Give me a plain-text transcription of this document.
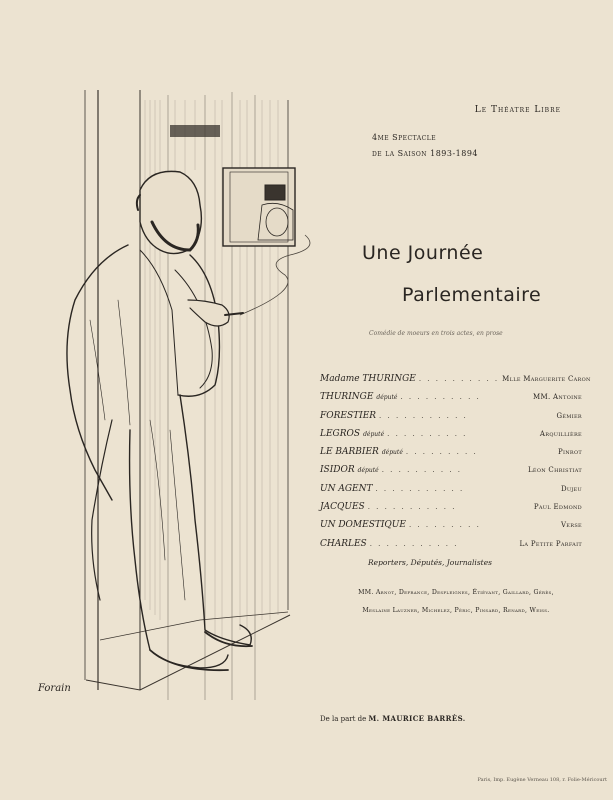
Le Théatre Libre
4me Spectacle
de la Saison 1893-1894
Une Journée
Parlementaire
Comédie de moeurs en trois actes, en prose
Madame THURINGE . . . . . . . . . . Mlle Marguerite Caron
THURINGE député . . . . . . . . . .	MM. Antoine
FORESTIER . . . . . . . . . . .	Gémier
LEGROS député . . . . . . . . . .	Arquillière
LE BARBIER député . . . . . . . . .	Pinrot
ISIDOR député . . . . . . . . . .	Léon Christiat
UN AGENT . . . . . . . . . . .	Dujeu
JACQUES . . . . . . . . . . .	Paul Edmond
UN DOMESTIQUE . . . . . . . . .	Verse
CHARLES . . . . . . . . . . .	La Petite Parfait
Reporters, Députés, Journalistes
MM. Arnot, Defrance, Despleignes, Étiévant, Gaillard, Gérès,
Meslaine Lauzner, Michelez, Péric, Pinsard, Renard, Weiss.
De la part de M. MAURICE BARRÈS.
Forain
Paris, Imp. Eugène Verneau 108, r. Folie-Méricourt
